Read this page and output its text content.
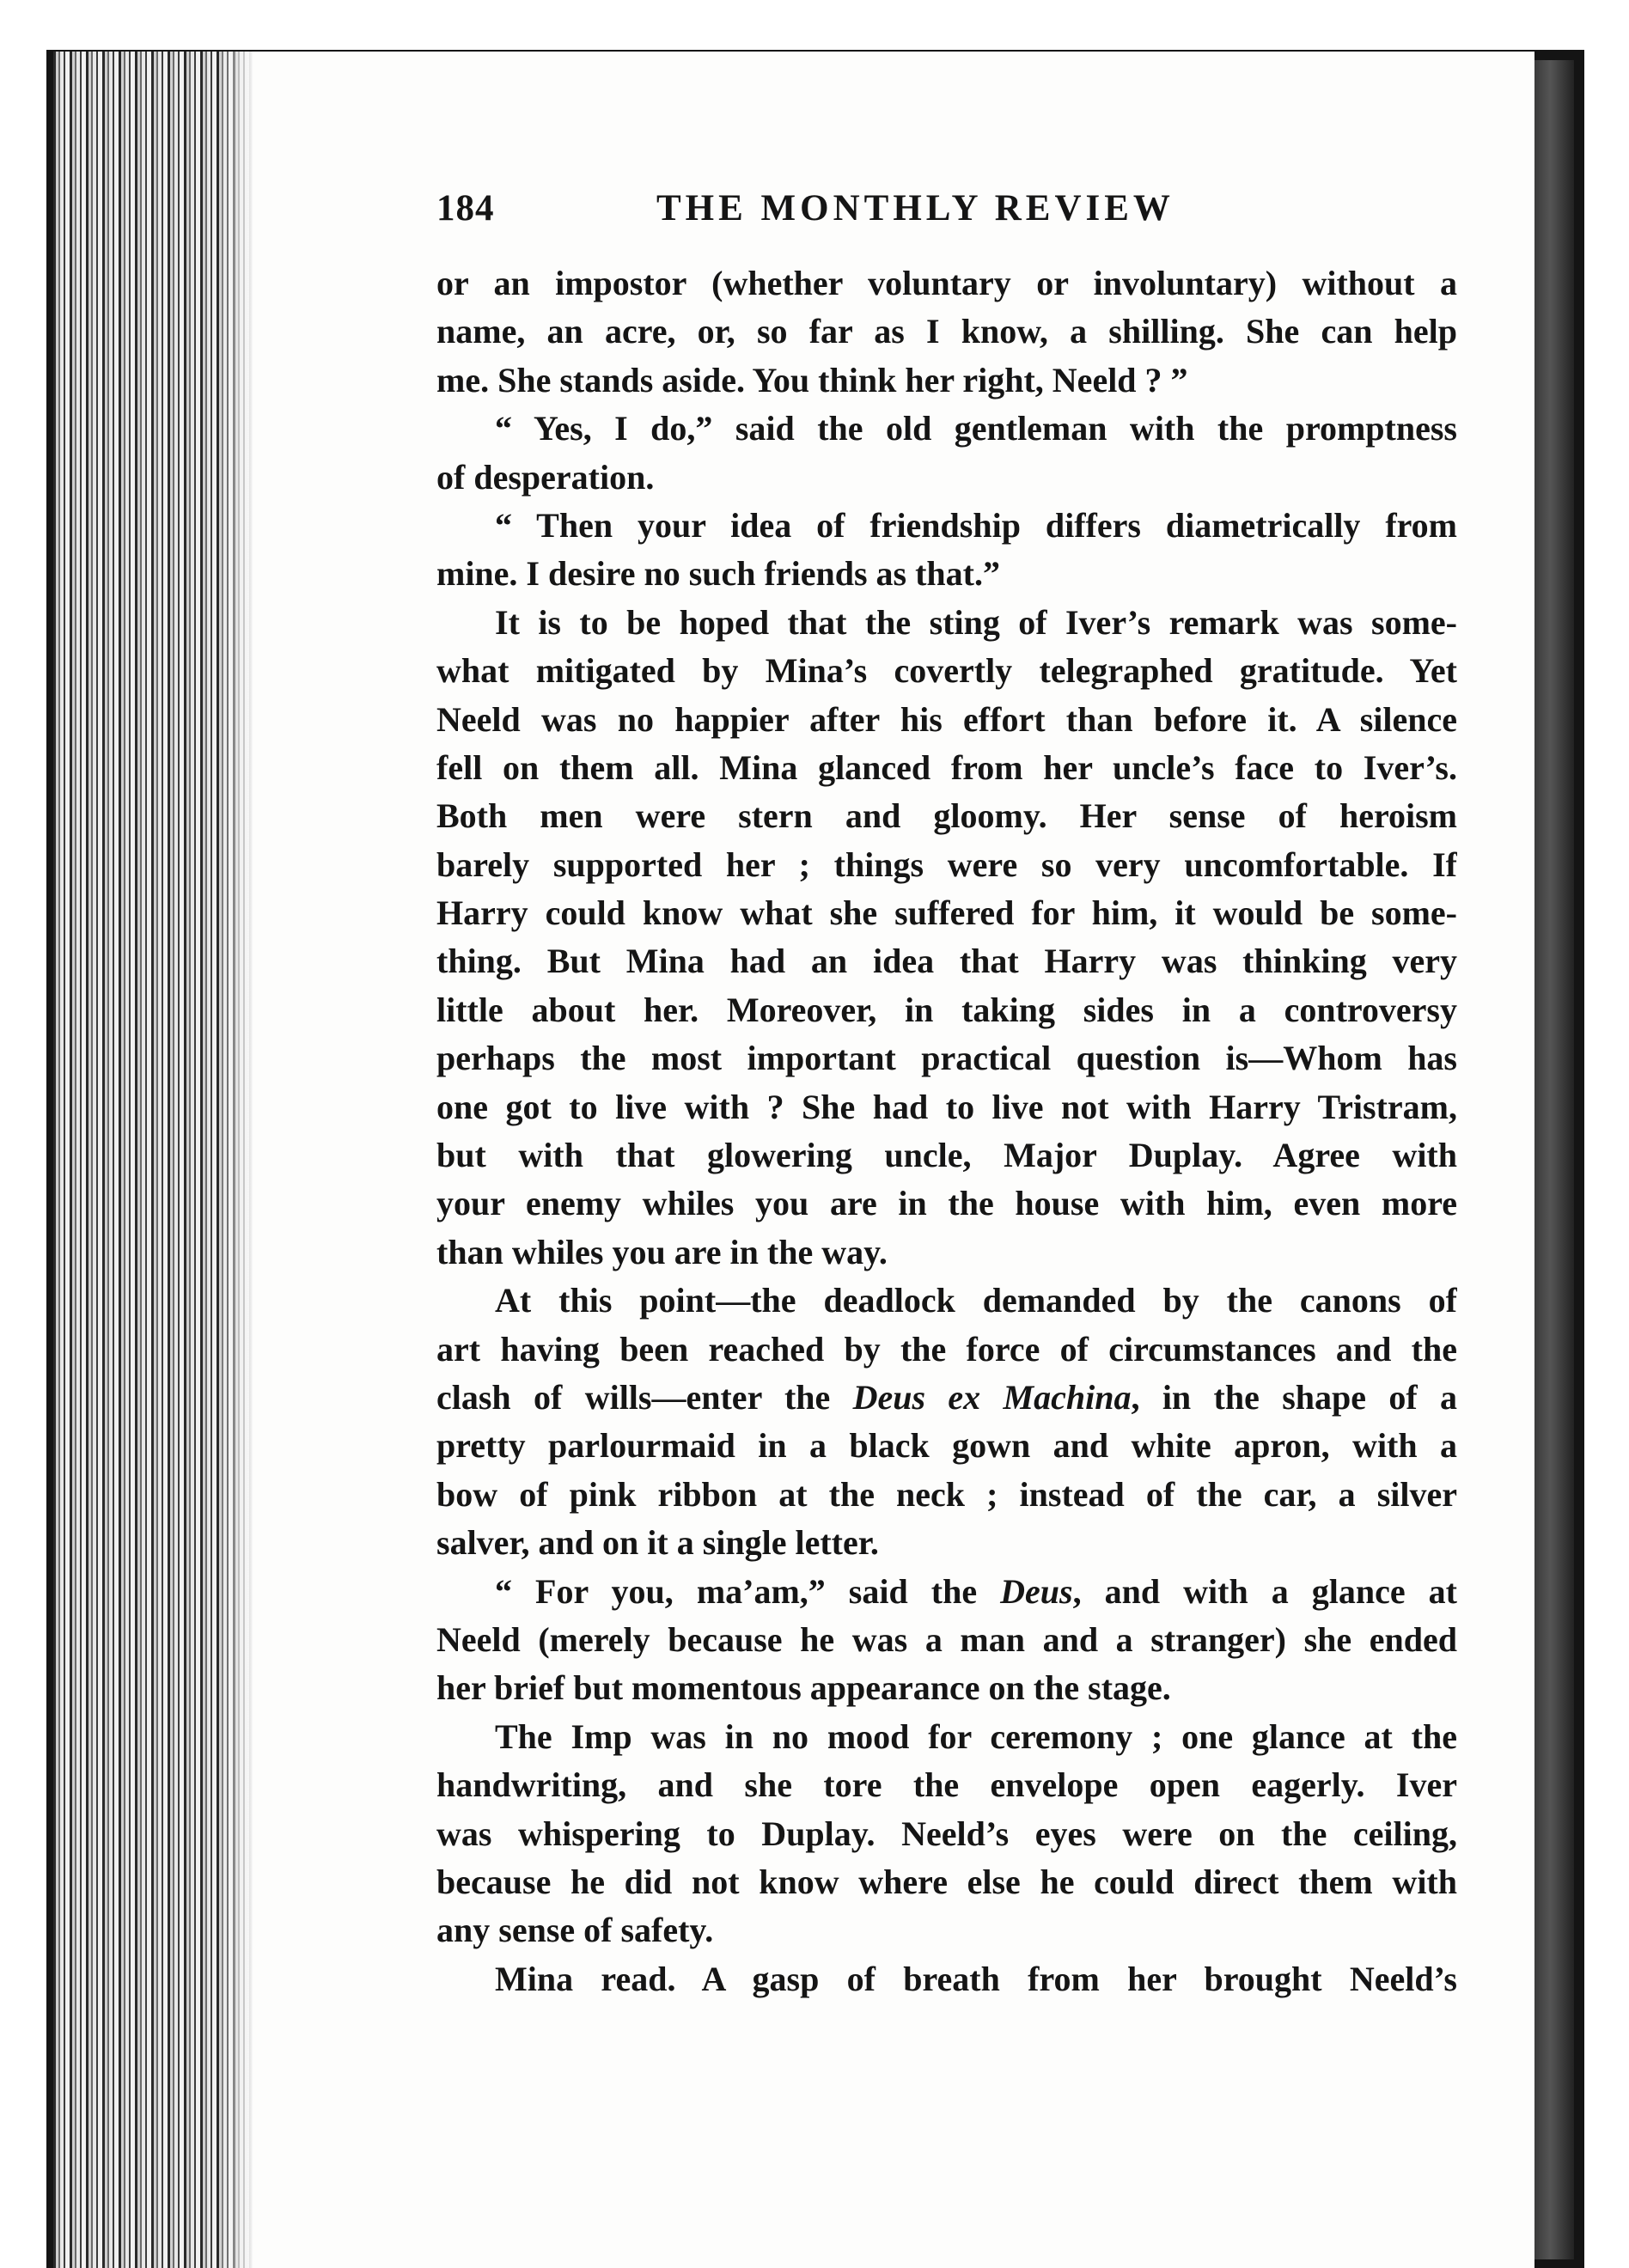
184	THE MONTHLY REVIEW
or an impostor (whether voluntary or involuntary) without a
name, an acre, or, so far as I know, a shilling. She can help
me. She stands aside. You think her right, Neeld ? ”
“ Yes, I do,” said the old gentleman with the promptness
of desperation.
“ Then your idea of friendship differs diametrically from
mine. I desire no such friends as that.”
It is to be hoped that the sting of Iver’s remark was some-
what mitigated by Mina’s covertly telegraphed gratitude. Yet
Neeld was no happier after his effort than before it. A silence
fell on them all. Mina glanced from her uncle’s face to Iver’s.
Both men were stern and gloomy. Her sense of heroism
barely supported her ; things were so very uncomfortable. If
Harry could know what she suffered for him, it would be some-
thing. But Mina had an idea that Harry was thinking very
little about her. Moreover, in taking sides in a controversy
perhaps the most important practical question is—Whom has
one got to live with ? She had to live not with Harry Tristram,
but with that glowering uncle, Major Duplay. Agree with
your enemy whiles you are in the house with him, even more
than whiles you are in the way.
At this point—the deadlock demanded by the canons of
art having been reached by the force of circumstances and the
clash of wills—enter the Deus ex Machina, in the shape of a
pretty parlourmaid in a black gown and white apron, with a
bow of pink ribbon at the neck ; instead of the car, a silver
salver, and on it a single letter.
“ For you, ma’am,” said the Deus, and with a glance at
Neeld (merely because he was a man and a stranger) she ended
her brief but momentous appearance on the stage.
The Imp was in no mood for ceremony ; one glance at the
handwriting, and she tore the envelope open eagerly. Iver
was whispering to Duplay. Neeld’s eyes were on the ceiling,
because he did not know where else he could direct them with
any sense of safety.
Mina read. A gasp of breath from her brought Neeld’s
